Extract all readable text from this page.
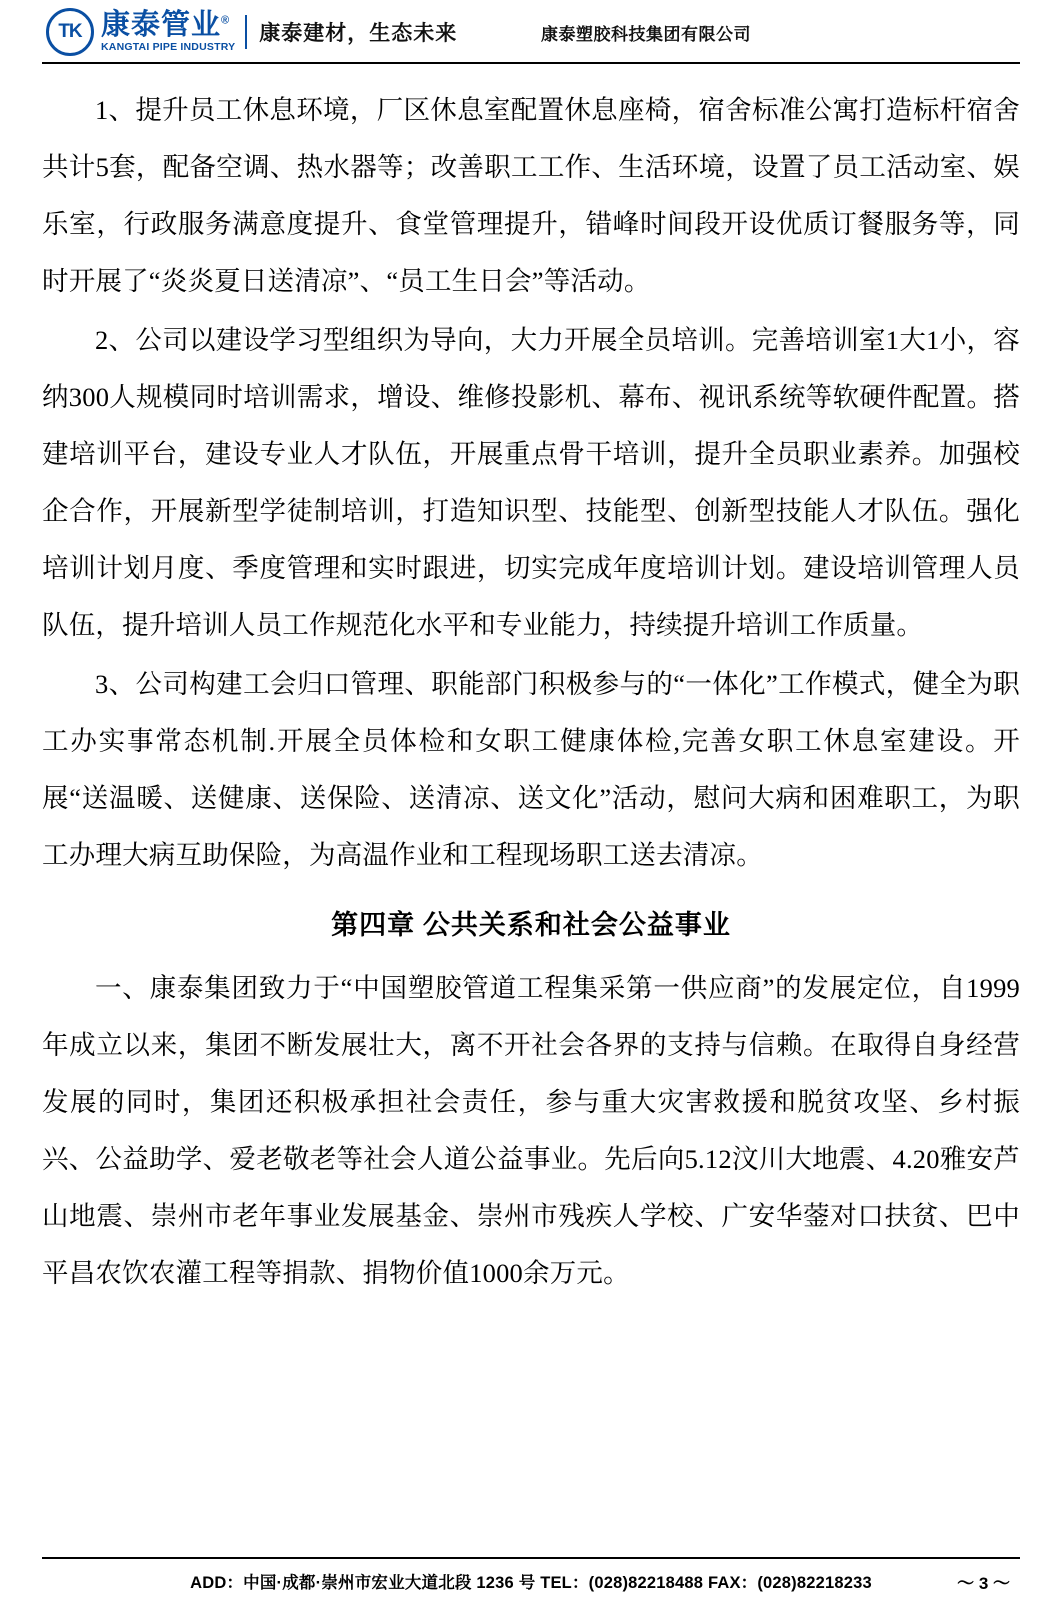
TK 康泰管业®
KANGTAI PIPE INDUSTRY
康泰建材，生态未来	康泰塑胶科技集团有限公司

1、提升员工休息环境，厂区休息室配置休息座椅，宿舍标准公寓打造标杆宿舍共计5套，配备空调、热水器等；改善职工工作、生活环境，设置了员工活动室、娱乐室，行政服务满意度提升、食堂管理提升，错峰时间段开设优质订餐服务等，同时开展了“炎炎夏日送清凉”、“员工生日会”等活动。

2、公司以建设学习型组织为导向，大力开展全员培训。完善培训室1大1小，容纳300人规模同时培训需求，增设、维修投影机、幕布、视讯系统等软硬件配置。搭建培训平台，建设专业人才队伍，开展重点骨干培训，提升全员职业素养。加强校企合作，开展新型学徒制培训，打造知识型、技能型、创新型技能人才队伍。强化培训计划月度、季度管理和实时跟进，切实完成年度培训计划。建设培训管理人员队伍，提升培训人员工作规范化水平和专业能力，持续提升培训工作质量。

3、公司构建工会归口管理、职能部门积极参与的“一体化”工作模式，健全为职工办实事常态机制.开展全员体检和女职工健康体检,完善女职工休息室建设。开展“送温暖、送健康、送保险、送清凉、送文化”活动，慰问大病和困难职工，为职工办理大病互助保险，为高温作业和工程现场职工送去清凉。

第四章 公共关系和社会公益事业

一、康泰集团致力于“中国塑胶管道工程集采第一供应商”的发展定位，自1999年成立以来，集团不断发展壮大，离不开社会各界的支持与信赖。在取得自身经营发展的同时，集团还积极承担社会责任，参与重大灾害救援和脱贫攻坚、乡村振兴、公益助学、爱老敬老等社会人道公益事业。先后向5.12汶川大地震、4.20雅安芦山地震、崇州市老年事业发展基金、崇州市残疾人学校、广安华蓥对口扶贫、巴中平昌农饮农灌工程等捐款、捐物价值1000余万元。

ADD：中国·成都·崇州市宏业大道北段 1236 号 TEL：(028)82218488 FAX：(028)82218233	～ 3 ～
